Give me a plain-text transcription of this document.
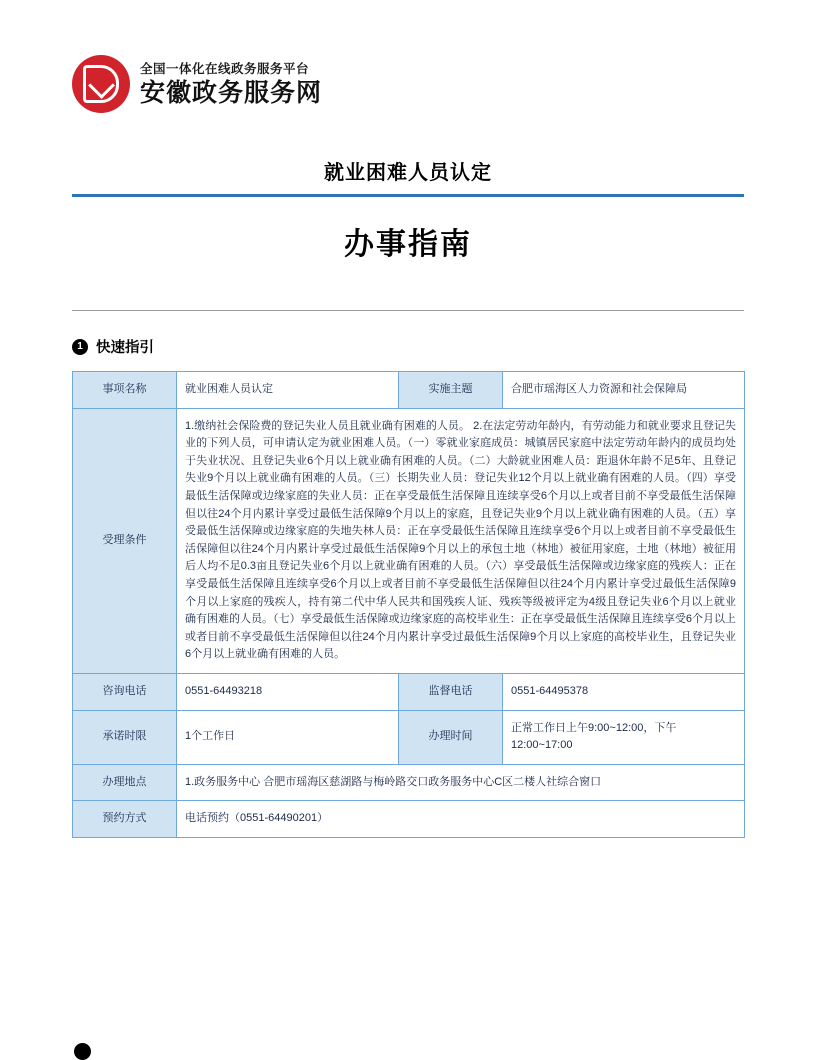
全国一体化在线政务服务平台
安徽政务服务网
就业困难人员认定
办事指南
1 快速指引
事项名称	就业困难人员认定	实施主题	合肥市瑶海区人力资源和社会保障局
受理条件	1.缴纳社会保险费的登记失业人员且就业确有困难的人员。 2.在法定劳动年龄内，有劳动能力和就业要求且登记失业的下列人员，可申请认定为就业困难人员。（一）零就业家庭成员：城镇居民家庭中法定劳动年龄内的成员均处于失业状况、且登记失业6个月以上就业确有困难的人员。（二）大龄就业困难人员：距退休年龄不足5年、且登记失业9个月以上就业确有困难的人员。（三）长期失业人员：登记失业12个月以上就业确有困难的人员。（四）享受最低生活保障或边缘家庭的失业人员：正在享受最低生活保障且连续享受6个月以上或者目前不享受最低生活保障但以往24个月内累计享受过最低生活保障9个月以上的家庭，且登记失业9个月以上就业确有困难的人员。（五）享受最低生活保障或边缘家庭的失地失林人员：正在享受最低生活保障且连续享受6个月以上或者目前不享受最低生活保障但以往24个月内累计享受过最低生活保障9个月以上的承包土地（林地）被征用家庭，土地（林地）被征用后人均不足0.3亩且登记失业6个月以上就业确有困难的人员。（六）享受最低生活保障或边缘家庭的残疾人：正在享受最低生活保障且连续享受6个月以上或者目前不享受最低生活保障但以往24个月内累计享受过最低生活保障9个月以上家庭的残疾人，持有第二代中华人民共和国残疾人证、残疾等级被评定为4级且登记失业6个月以上就业确有困难的人员。（七）享受最低生活保障或边缘家庭的高校毕业生：正在享受最低生活保障且连续享受6个月以上或者目前不享受最低生活保障但以往24个月内累计享受过最低生活保障9个月以上家庭的高校毕业生，且登记失业6个月以上就业确有困难的人员。		
咨询电话	0551-64493218	监督电话	0551-64495378
承诺时限	1个工作日	办理时间	正常工作日上午9:00~12:00，下午12:00~17:00
办理地点	1.政务服务中心 合肥市瑶海区慈湖路与梅岭路交口政务服务中心C区二楼人社综合窗口		
预约方式	电话预约（0551-64490201）		
